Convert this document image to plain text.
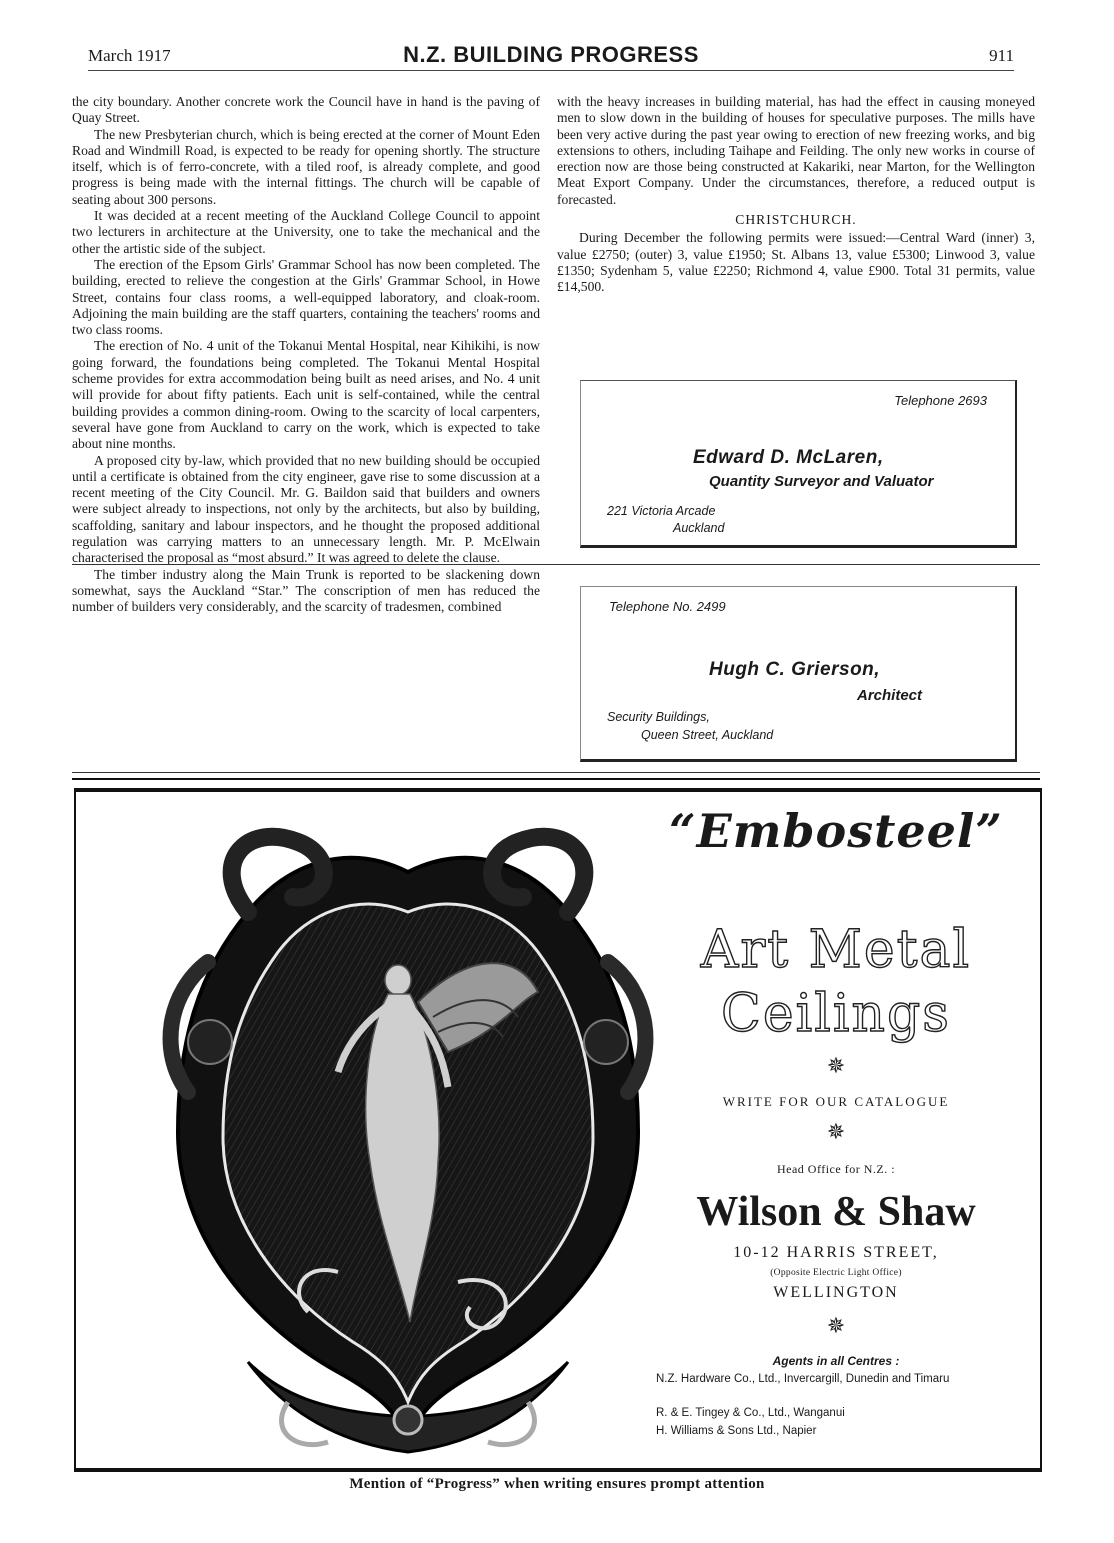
March 1917	N.Z. BUILDING PROGRESS	911

the city boundary. Another concrete work the Council have in hand is the paving of Quay Street.

The new Presbyterian church, which is being erected at the corner of Mount Eden Road and Windmill Road, is expected to be ready for opening shortly. The structure itself, which is of ferro-concrete, with a tiled roof, is already complete, and good progress is being made with the internal fittings. The church will be capable of seating about 300 persons.

It was decided at a recent meeting of the Auckland College Council to appoint two lecturers in architecture at the University, one to take the mechanical and the other the artistic side of the subject.

The erection of the Epsom Girls' Grammar School has now been completed. The building, erected to relieve the congestion at the Girls' Grammar School, in Howe Street, contains four class rooms, a well-equipped laboratory, and cloak-room. Adjoining the main building are the staff quarters, containing the teachers' rooms and two class rooms.

The erection of No. 4 unit of the Tokanui Mental Hospital, near Kihikihi, is now going forward, the foundations being completed. The Tokanui Mental Hospital scheme provides for extra accommodation being built as need arises, and No. 4 unit will provide for about fifty patients. Each unit is self-contained, while the central building provides a common dining-room. Owing to the scarcity of local carpenters, several have gone from Auckland to carry on the work, which is expected to take about nine months.

A proposed city by-law, which provided that no new building should be occupied until a certificate is obtained from the city engineer, gave rise to some discussion at a recent meeting of the City Council. Mr. G. Baildon said that builders and owners were subject already to inspections, not only by the architects, but also by building, scaffolding, sanitary and labour inspectors, and he thought the proposed additional regulation was carrying matters to an unnecessary length. Mr. P. McElwain characterised the proposal as “most absurd.” It was agreed to delete the clause.

The timber industry along the Main Trunk is reported to be slackening down somewhat, says the Auckland “Star.” The conscription of men has reduced the number of builders very considerably, and the scarcity of tradesmen, combined

with the heavy increases in building material, has had the effect in causing moneyed men to slow down in the building of houses for speculative purposes. The mills have been very active during the past year owing to erection of new freezing works, and big extensions to others, including Taihape and Feilding. The only new works in course of erection now are those being constructed at Kakariki, near Marton, for the Wellington Meat Export Company. Under the circumstances, therefore, a reduced output is forecasted.

CHRISTCHURCH.

During December the following permits were issued:—Central Ward (inner) 3, value £2750; (outer) 3, value £1950; St. Albans 13, value £5300; Linwood 3, value £1350; Sydenham 5, value £2250; Richmond 4, value £900. Total 31 permits, value £14,500.

Telephone 2693
Edward D. McLaren,
Quantity Surveyor and Valuator
221 Victoria Arcade
Auckland
Telephone No. 2499
Hugh C. Grierson,
Architect
Security Buildings,
Queen Street, Auckland
“Embosteel”
Art Metal
Ceilings
✵
WRITE FOR OUR CATALOGUE
✵
Head Office for N.Z. :
Wilson & Shaw
10-12 HARRIS STREET,
(Opposite Electric Light Office)
WELLINGTON
✵
Agents in all Centres :
N.Z. Hardware Co., Ltd., Invercargill, Dunedin and Timaru
R. & E. Tingey & Co., Ltd., Wanganui
H. Williams & Sons Ltd., Napier
Mention of “Progress” when writing ensures prompt attention
